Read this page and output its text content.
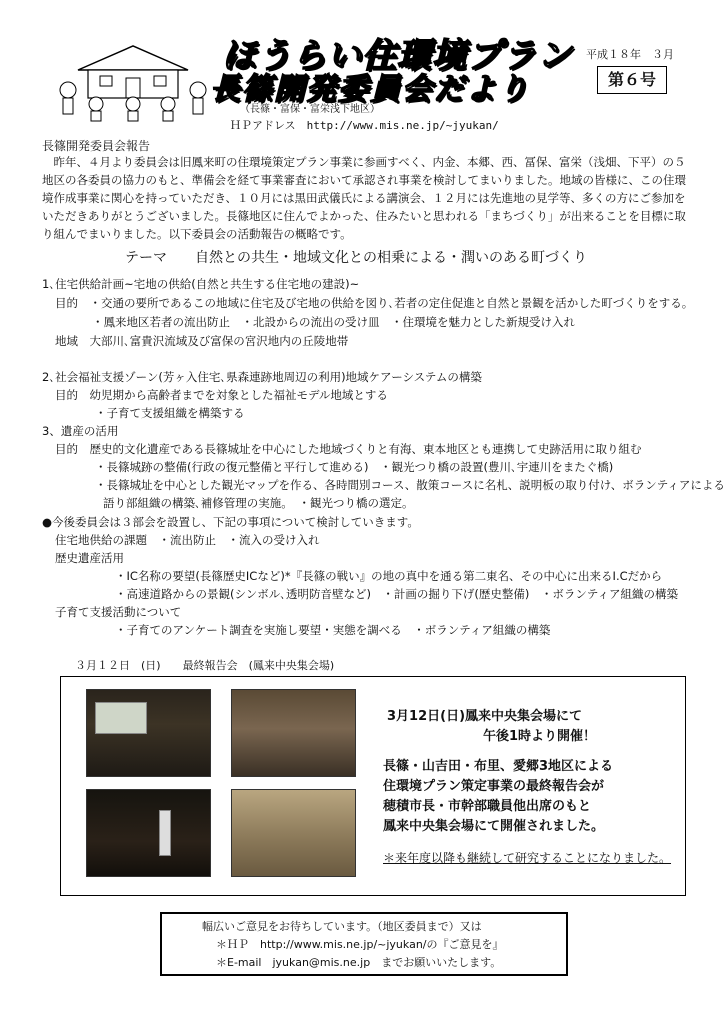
ほうらい住環境プラン
長篠開発委員会だより
平成１８年　３月
第６号
（長篠・富保・富栄浅下地区）
ＨＰアドレス　http://www.mis.ne.jp/~jyukan/
長篠開発委員会報告

昨年、４月より委員会は旧鳳来町の住環境策定プラン事業に参画すべく、内金、本郷、西、冨保、富栄（浅畑、下平）の５地区の各委員の協力のもと、準備会を経て事業審査において承認され事業を検討してまいりました。地域の皆様に、この住環境作成事業に関心を持っていただき、１０月には黒田武儀氏による講演会、１２月には先進地の見学等、多くの方にご参加をいただきありがとうございました。長篠地区に住んでよかった、住みたいと思われる「まちづくり」が出来ることを目標に取り組んでまいりました。以下委員会の活動報告の概略です。

テーマ　　自然との共生・地域文化との相乗による・潤いのある町づくり
1､住宅供給計画~宅地の供給(自然と共生する住宅地の建設)~
目的　・交通の要所であるこの地域に住宅及び宅地の供給を図り､若者の定住促進と自然と景観を活かした町づくりをする。
・鳳来地区若者の流出防止　・北設からの流出の受け皿　・住環境を魅力とした新規受け入れ
地域　大部川､富貴沢流域及び富保の宮沢地内の丘陵地帯
2､社会福祉支援ゾーン(芳ヶ入住宅､県森連跡地周辺の利用)地域ケアーシステムの構築
目的　幼児期から高齢者までを対象とした福祉モデル地域とする
・子育て支援組織を構築する
3、遺産の活用
目的　歴史的文化遺産である長篠城址を中心にした地域づくりと有海、東本地区とも連携して史跡活用に取り組む
・長篠城跡の整備(行政の復元整備と平行して進める)　・観光つり橋の設置(豊川､宇連川をまたぐ橋)
・長篠城址を中心とした観光マップを作る、各時間別コース、散策コースに名札、説明板の取り付け、ボランティアによる
語り部組織の構築､補修管理の実施。　・観光つり橋の選定。
●今後委員会は３部会を設置し、下記の事項について検討していきます。
住宅地供給の課題　・流出防止　・流入の受け入れ
歴史遺産活用
・IC名称の要望(長篠歴史ICなど)*『長篠の戦い』の地の真中を通る第二東名、その中心に出来るI.Cだから
・高速道路からの景観(シンボル､透明防音壁など)　・計画の掘り下げ(歴史整備)　・ボランティア組織の構築
子育て支援活動について
・子育てのアンケート調査を実施し要望・実態を調べる　・ボランティア組織の構築
３月１２日　(日)　　最終報告会　(鳳来中央集会場)
3月12日(日)鳳来中央集会場にて
午後1時より開催！
長篠・山吉田・布里、愛郷3地区による
住環境プラン策定事業の最終報告会が
穂積市長・市幹部職員他出席のもと
鳳来中央集会場にて開催されました。
＊来年度以降も継続して研究することになりました。
幅広いご意見をお待ちしています。（地区委員まで）又は
＊ＨＰ　http://www.mis.ne.jp/~jyukan/の『ご意見を』
＊E-mail　jyukan@mis.ne.jp　までお願いいたします。
